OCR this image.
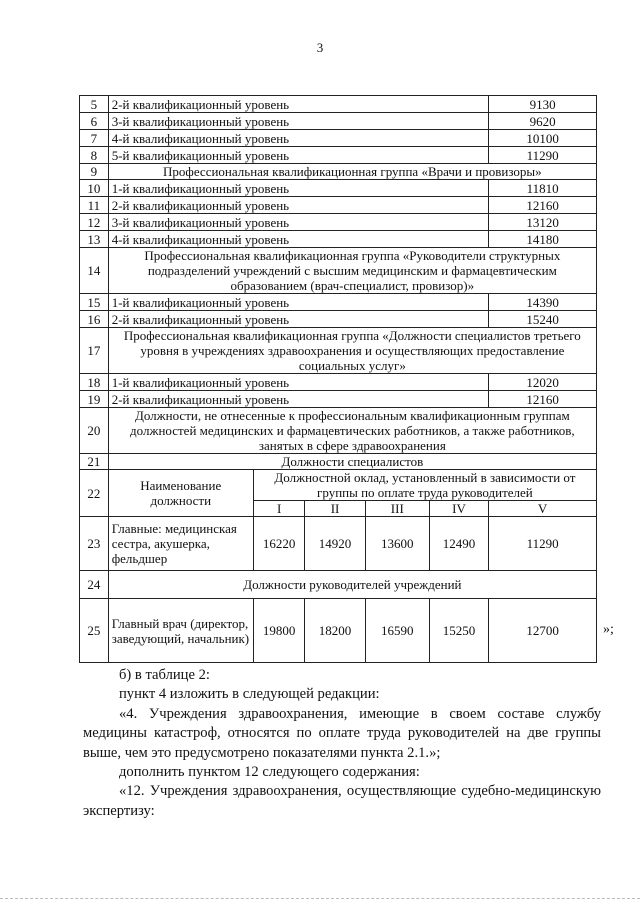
3
5	2-й квалификационный уровень					9130
6	3-й квалификационный уровень					9620
7	4-й квалификационный уровень					10100
8	5-й квалификационный уровень					11290
9	Профессиональная квалификационная группа «Врачи и провизоры»					
10	1-й квалификационный уровень					11810
11	2-й квалификационный уровень					12160
12	3-й квалификационный уровень					13120
13	4-й квалификационный уровень					14180
14	Профессиональная квалификационная группа «Руководители структурных подразделений учреждений с высшим медицинским и фармацевтическим образованием (врач-специалист, провизор)»					
15	1-й квалификационный уровень					14390
16	2-й квалификационный уровень					15240
17	Профессиональная квалификационная группа «Должности специалистов третьего уровня в учреждениях здравоохранения и осуществляющих предоставление социальных услуг»					
18	1-й квалификационный уровень					12020
19	2-й квалификационный уровень					12160
20	Должности, не отнесенные к профессиональным квалификационным группам должностей медицинских и фармацевтических работников, а также работников, занятых в сфере здравоохранения					
21	Должности специалистов					
22	Наименование должности	Должностной оклад, установленный в зависимости от группы по оплате труда руководителей				
		I	II	III	IV	V
23	Главные: медицинская сестра, акушерка, фельдшер	16220	14920	13600	12490	11290
24	Должности руководителей учреждений					
25	Главный врач (директор, заведующий, начальник)	19800	18200	16590	15250	12700	»;

б) в таблице 2:

пункт 4 изложить в следующей редакции:

«4. Учреждения здравоохранения, имеющие в своем составе службу медицины катастроф, относятся по оплате труда руководителей на две группы выше, чем это предусмотрено показателями пункта 2.1.»;

дополнить пунктом 12 следующего содержания:

«12. Учреждения здравоохранения, осуществляющие судебно-медицинскую экспертизу:
